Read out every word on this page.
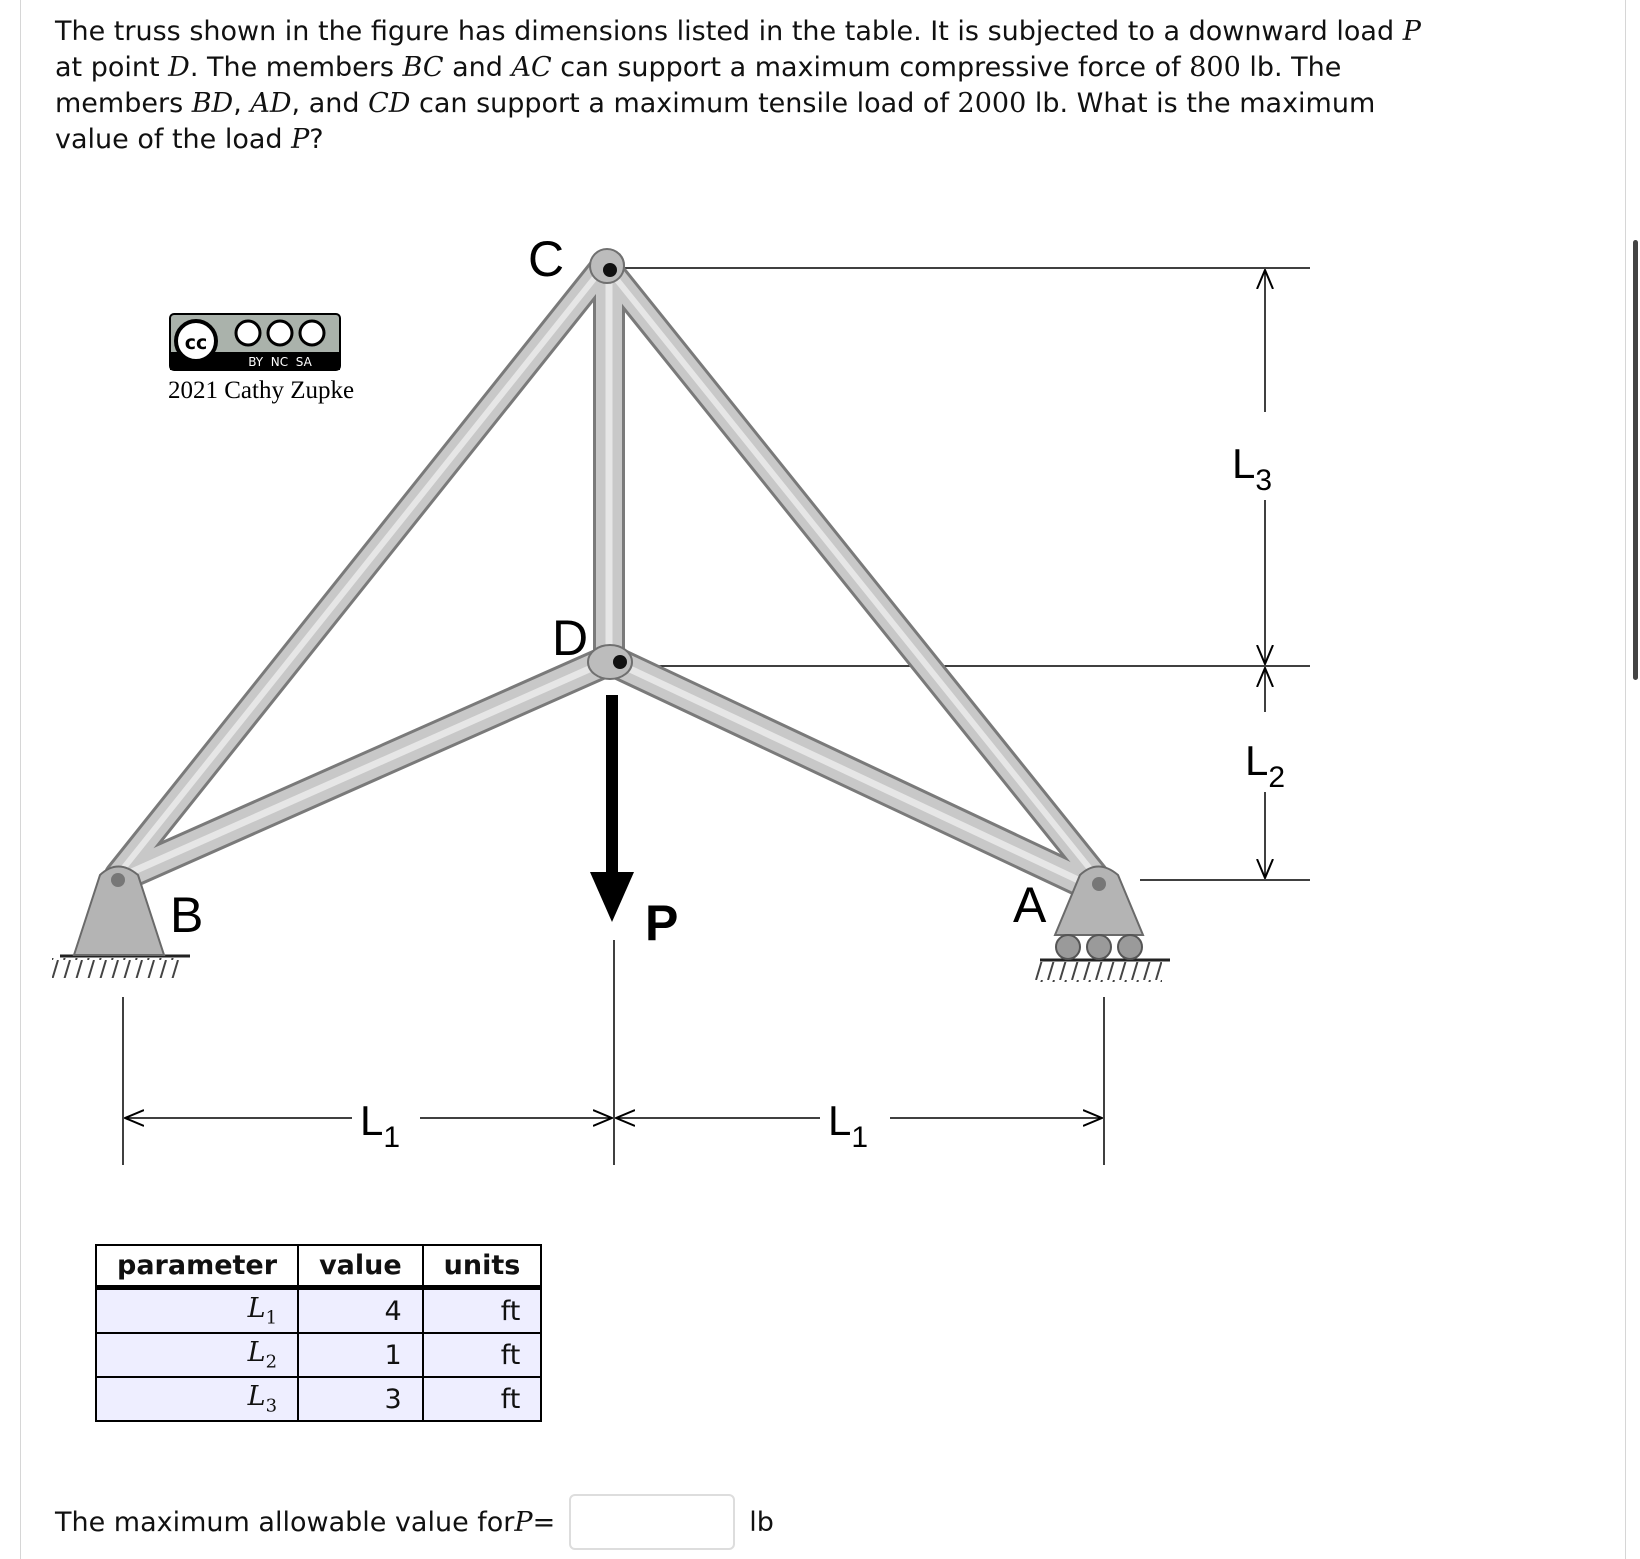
The truss shown in the figure has dimensions listed in the table. It is subjected to a downward load P at point D. The members BC and AC can support a maximum compressive force of 800 lb. The members BD, AD, and CD can support a maximum tensile load of 2000 lb. What is the maximum value of the load P?

$L_3$
$L_2$
$L_1$	$L_1$
C
D
B	A
P
cc
BY  NC  SA
2021 Cathy Zupke
parameter	value	units
$L_1$	4	ft
$L_2$	1	ft
$L_3$	3	ft
The maximum allowable value for P =	lb
